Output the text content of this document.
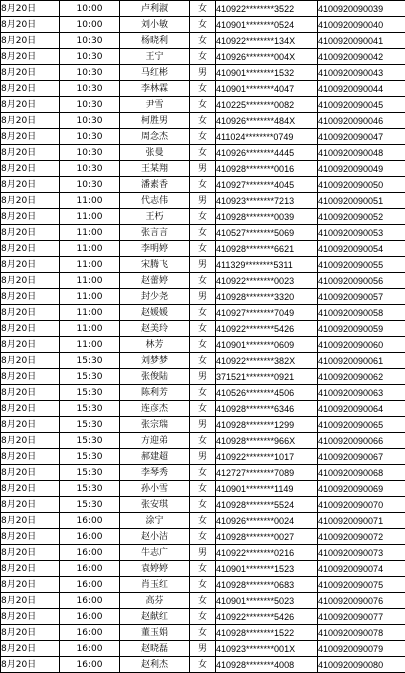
8月20日	10:00	卢利淑	女	410922********3522	4100920090039
8月20日	10:00	刘小敏	女	410901********0524	4100920090040
8月20日	10:30	杨晓利	女	410922********134X	4100920090041
8月20日	10:30	王宁	女	410926********004X	4100920090042
8月20日	10:30	马红彬	男	410901********1532	4100920090043
8月20日	10:30	李林霖	女	410901********4047	4100920090044
8月20日	10:30	尹雪	女	410225********0082	4100920090045
8月20日	10:30	柯胜男	女	410926********484X	4100920090046
8月20日	10:30	周念杰	女	411024********0749	4100920090047
8月20日	10:30	张曼	女	410926********4445	4100920090048
8月20日	10:30	王某翔	男	410928********0016	4100920090049
8月20日	10:30	潘素香	女	410927********4045	4100920090050
8月20日	11:00	代志伟	男	410923********7213	4100920090051
8月20日	11:00	王朽	女	410928********0039	4100920090052
8月20日	11:00	张言言	女	410527********5069	4100920090053
8月20日	11:00	李明婷	女	410928********6621	4100920090054
8月20日	11:00	宋腾飞	男	411329********5311	4100920090055
8月20日	11:00	赵蕾婷	女	410922********0023	4100920090056
8月20日	11:00	封少尧	男	410928********3320	4100920090057
8月20日	11:00	赵媛媛	女	410927********7049	4100920090058
8月20日	11:00	赵美玲	女	410922********5426	4100920090059
8月20日	11:00	林芳	女	410901********0609	4100920090060
8月20日	15:30	刘梦梦	女	410922********382X	4100920090061
8月20日	15:30	张俊陆	男	371521********0921	4100920090062
8月20日	15:30	陈利芳	女	410526********4506	4100920090063
8月20日	15:30	连彦杰	女	410928********6346	4100920090064
8月20日	15:30	张宗瑞	男	410928********1299	4100920090065
8月20日	15:30	方迎弟	女	410928********966X	4100920090066
8月20日	15:30	郝建超	男	410922********1017	4100920090067
8月20日	15:30	李琴秀	女	412727********7089	4100920090068
8月20日	15:30	孙小雪	女	410901********1149	4100920090069
8月20日	15:30	张安琪	女	410928********5524	4100920090070
8月20日	16:00	涂宁	女	410926********0024	4100920090071
8月20日	16:00	赵小洁	女	410928********0027	4100920090072
8月20日	16:00	牛志广	男	410922********0216	4100920090073
8月20日	16:00	袁婷婷	女	410901********1523	4100920090074
8月20日	16:00	肖玉红	女	410928********0683	4100920090075
8月20日	16:00	高芬	女	410901********5023	4100920090076
8月20日	16:00	赵献红	女	410922********5426	4100920090077
8月20日	16:00	董玉娟	女	410928********1522	4100920090078
8月20日	16:00	赵晓磊	男	410923********001X	4100920090079
8月20日	16:00	赵利杰	女	410928********4008	4100920090080
